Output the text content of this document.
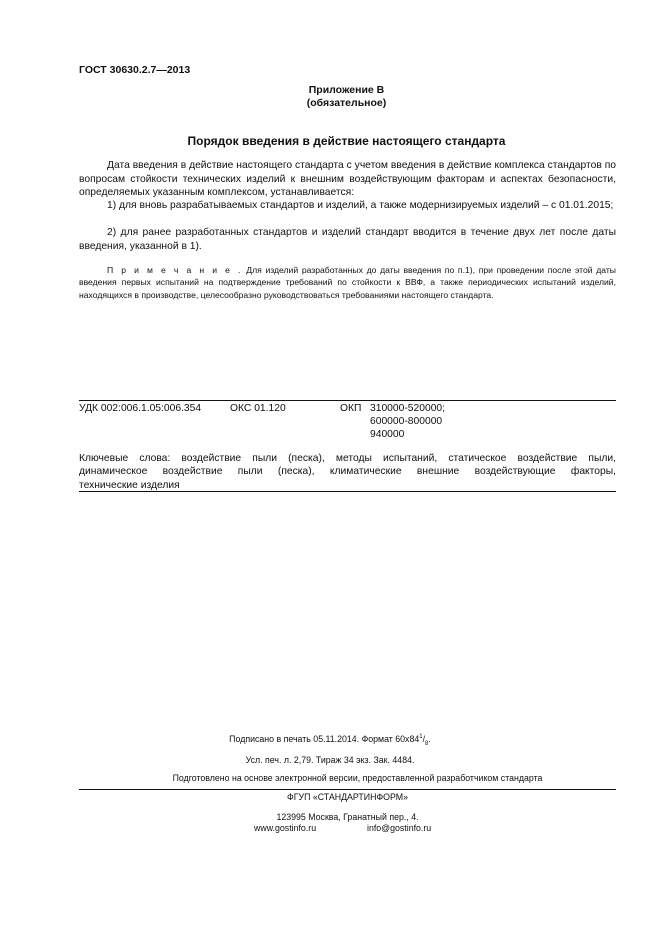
ГОСТ 30630.2.7—2013
Приложение В
(обязательное)
Порядок введения в действие настоящего стандарта
Дата введения в действие настоящего стандарта с учетом введения в действие комплекса стандартов по вопросам стойкости технических изделий к внешним воздействующим факторам и аспектах безопасности, определяемых указанным комплексом, устанавливается:
1) для вновь разрабатываемых стандартов и изделий, а также модернизируемых изделий – с 01.01.2015;
2) для ранее разработанных стандартов и изделий стандарт вводится в течение двух лет после даты введения, указанной в 1).
П р и м е ч а н и е . Для изделий разработанных до даты введения по п.1), при проведении после этой даты введения первых испытаний на подтверждение требований по стойкости к ВВФ, а также периодических испытаний изделий, находящихся в производстве, целесообразно руководствоваться требованиями настоящего стандарта.
УДК 002:006.1.05:006.354	ОКС 01.120	ОКП 310000-520000;
600000-800000
940000
Ключевые слова: воздействие пыли (песка), методы испытаний, статическое воздействие пыли,
динамическое воздействие пыли (песка), климатические внешние воздействующие факторы,
технические изделия
Подписано в печать 05.11.2014. Формат $60х84^1/_8$.
Усл. печ. л. 2,79. Тираж 34 экз. Зак. 4484.
Подготовлено на основе электронной версии, предоставленной разработчиком стандарта
ФГУП «СТАНДАРТИНФОРМ»
123995 Москва, Гранатный пер., 4.
www.gostinfo.ru	info@gostinfo.ru
